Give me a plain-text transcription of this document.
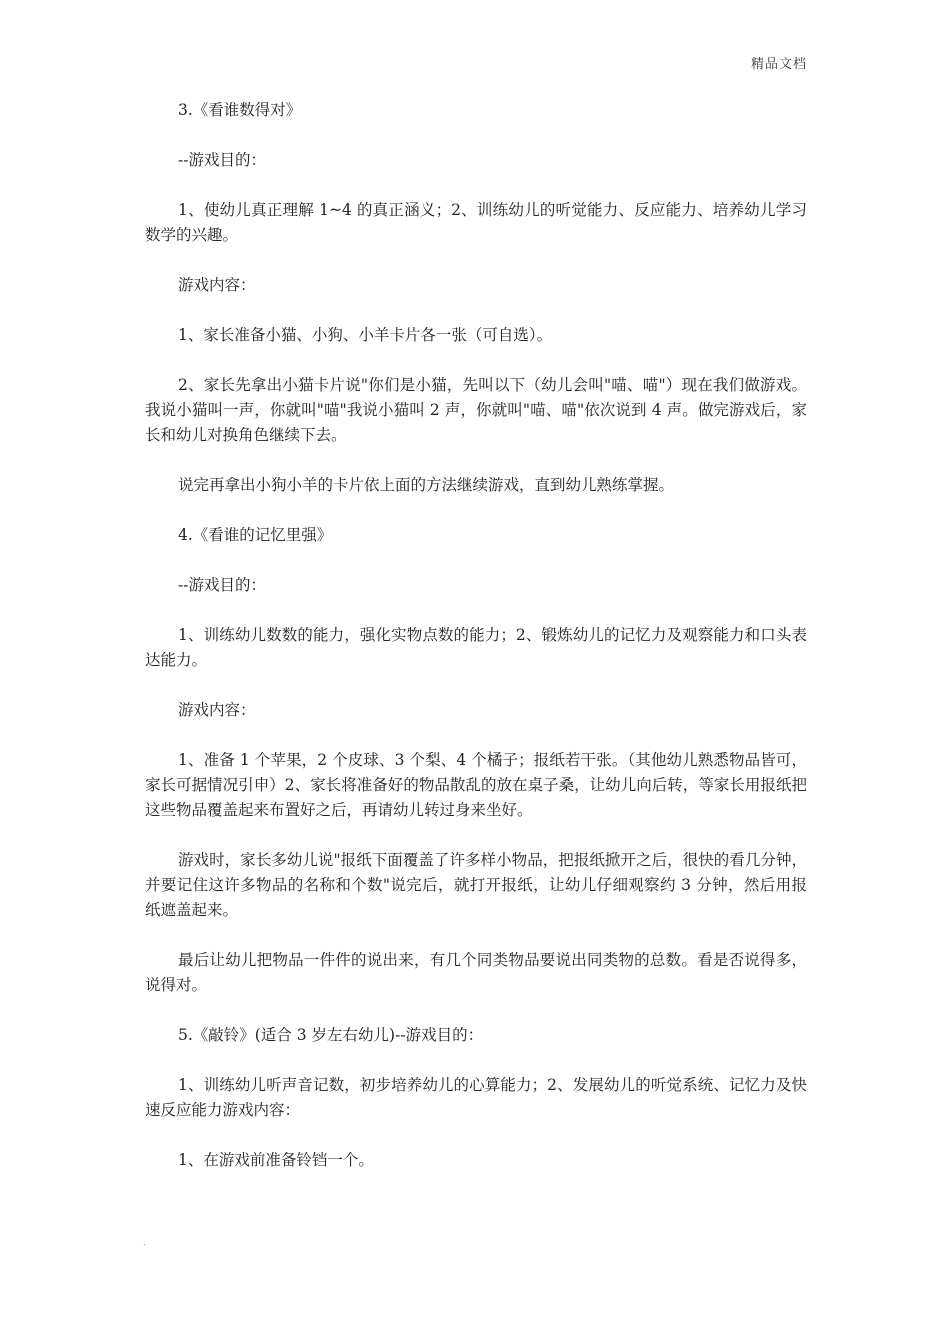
精品文档

3.《看谁数得对》

--游戏目的：

1、使幼儿真正理解 1~4 的真正涵义；2、训练幼儿的听觉能力、反应能力、培养幼儿学习数学的兴趣。

游戏内容：

1、家长准备小猫、小狗、小羊卡片各一张（可自选）。

2、家长先拿出小猫卡片说"你们是小猫，先叫以下（幼儿会叫"喵、喵"）现在我们做游戏。我说小猫叫一声，你就叫"喵"我说小猫叫 2 声，你就叫"喵、喵"依次说到 4 声。做完游戏后，家长和幼儿对换角色继续下去。

说完再拿出小狗小羊的卡片依上面的方法继续游戏，直到幼儿熟练掌握。

4.《看谁的记忆里强》

--游戏目的：

1、训练幼儿数数的能力，强化实物点数的能力；2、锻炼幼儿的记忆力及观察能力和口头表达能力。

游戏内容：

1、准备 1 个苹果，2 个皮球、3 个梨、4 个橘子；报纸若干张。（其他幼儿熟悉物品皆可，家长可据情况引申）2、家长将准备好的物品散乱的放在桌子桑，让幼儿向后转，等家长用报纸把这些物品覆盖起来布置好之后，再请幼儿转过身来坐好。

游戏时，家长多幼儿说"报纸下面覆盖了许多样小物品，把报纸掀开之后，很快的看几分钟，并要记住这许多物品的名称和个数"说完后，就打开报纸，让幼儿仔细观察约 3 分钟，然后用报纸遮盖起来。

最后让幼儿把物品一件件的说出来，有几个同类物品要说出同类物的总数。看是否说得多，说得对。

5.《敲铃》(适合 3 岁左右幼儿)--游戏目的：

1、训练幼儿听声音记数，初步培养幼儿的心算能力；2、发展幼儿的听觉系统、记忆力及快速反应能力游戏内容：

1、在游戏前准备铃铛一个。

.
